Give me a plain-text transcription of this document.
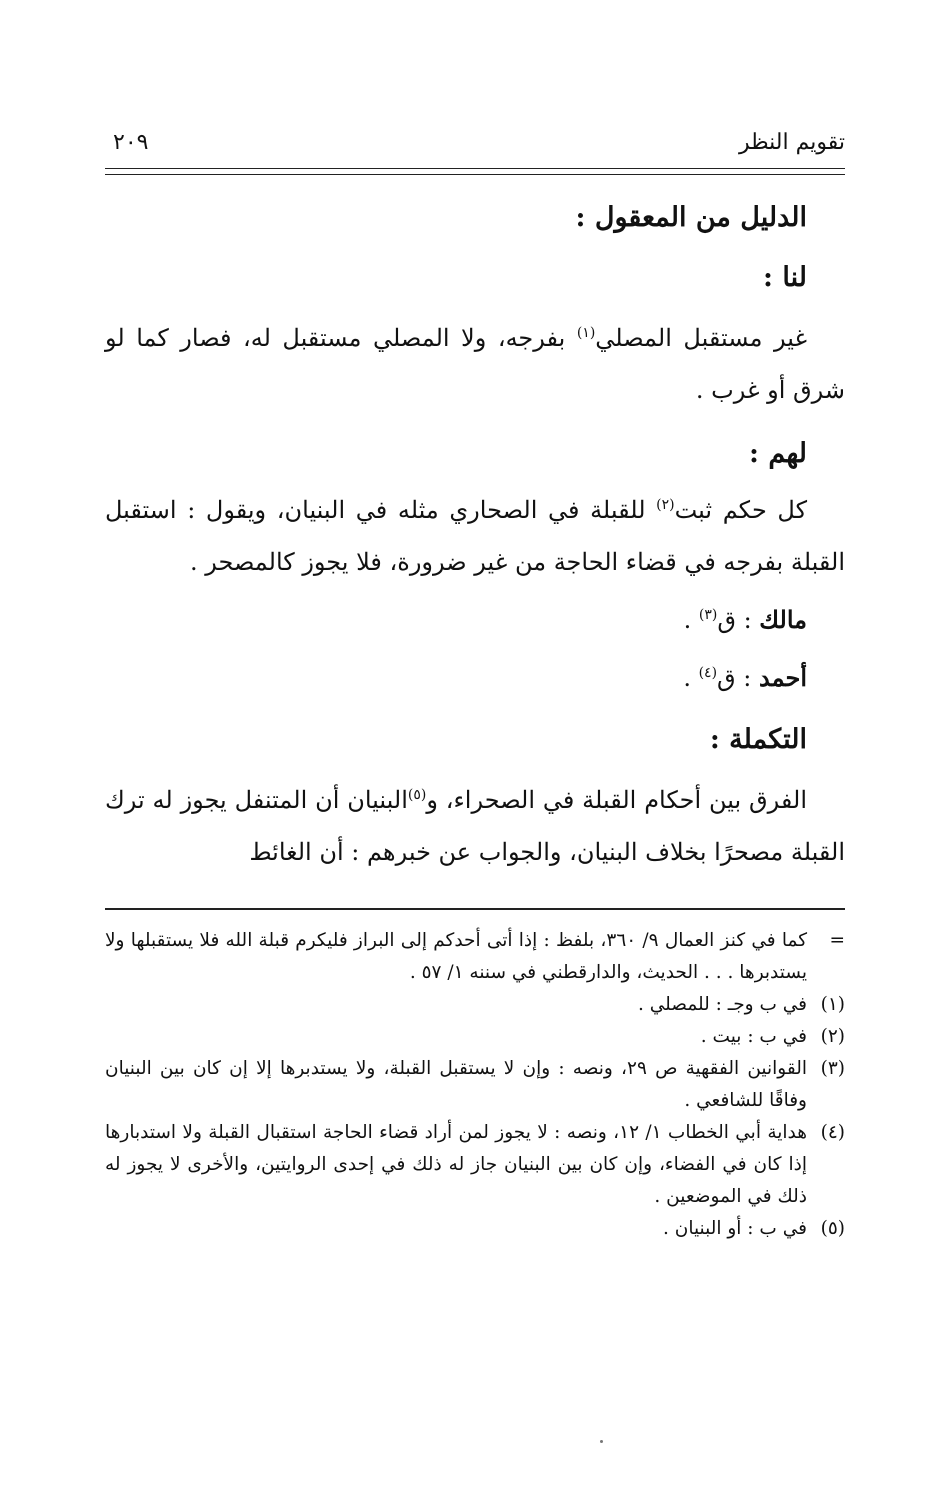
تقويم النظر
٢٠٩
الدليل من المعقول :
لنا :
غير مستقبل المصلي$^{(١)}$ بفرجه، ولا المصلي مستقبل له، فصار كما لو شرق أو غرب .
لهم :
كل حكم ثبت$^{(٢)}$ للقبلة في الصحاري مثله في البنيان، ويقول : استقبل القبلة بفرجه في قضاء الحاجة من غير ضرورة، فلا يجوز كالمصحر .
مالك : ق$^{(٣)}$ .
أحمد : ق$^{(٤)}$ .
التكملة :
الفرق بين أحكام القبلة في الصحراء، و$^{(٥)}$البنيان أن المتنفل يجوز له ترك القبلة مصحرًا بخلاف البنيان، والجواب عن خبرهم : أن الغائط
=
كما في كنز العمال ٩/ ٣٦٠، بلفظ : إذا أتى أحدكم إلى البراز فليكرم قبلة الله فلا يستقبلها ولا يستدبرها . . . الحديث، والدارقطني في سننه ١/ ٥٧ .
(١)
في ب وجـ : للمصلي .
(٢)
في ب : بيت .
(٣)
القوانين الفقهية ص ٢٩، ونصه : وإن لا يستقبل القبلة، ولا يستدبرها إلا إن كان بين البنيان وفاقًا للشافعي .
(٤)
هداية أبي الخطاب ١/ ١٢، ونصه : لا يجوز لمن أراد قضاء الحاجة استقبال القبلة ولا استدبارها إذا كان في الفضاء، وإن كان بين البنيان جاز له ذلك في إحدى الروايتين، والأخرى لا يجوز له ذلك في الموضعين .
(٥)
في ب : أو البنيان .
